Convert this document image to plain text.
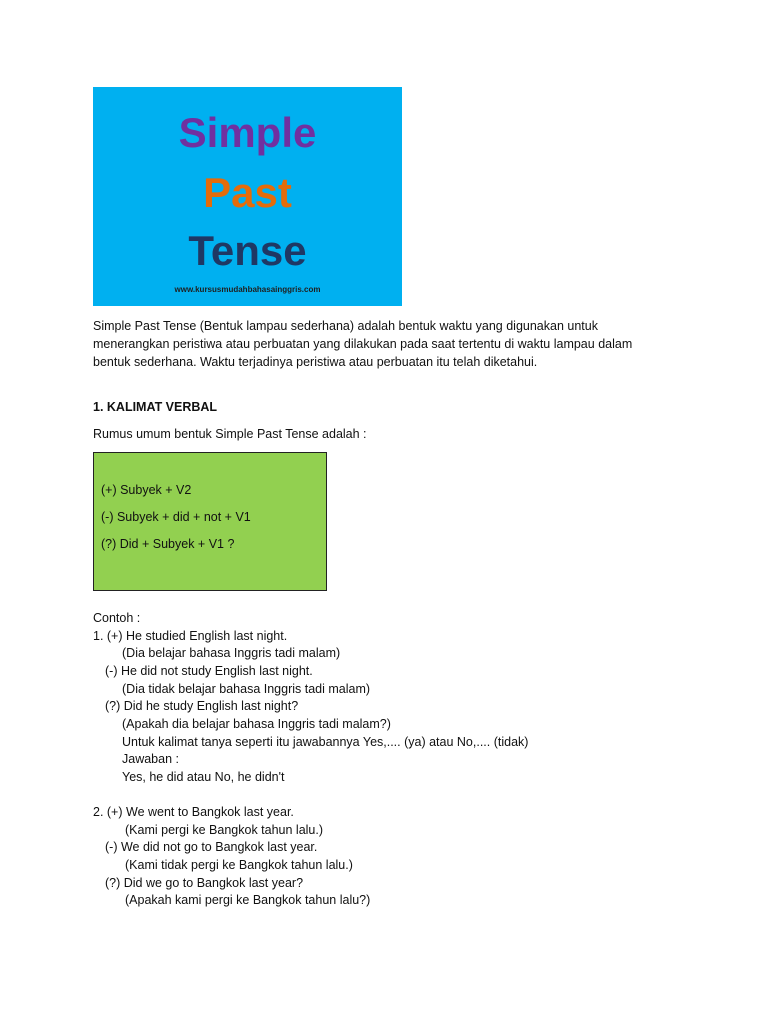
Simple
Past
Tense
www.kursusmudahbahasainggris.com
Simple Past Tense (Bentuk lampau sederhana) adalah bentuk waktu yang digunakan untuk
menerangkan peristiwa atau perbuatan yang dilakukan pada saat tertentu di waktu lampau dalam
bentuk sederhana. Waktu terjadinya peristiwa atau perbuatan itu telah diketahui.
1. KALIMAT VERBAL
Rumus umum bentuk Simple Past Tense adalah :
(+) Subyek + V2
(-) Subyek + did + not + V1
(?) Did + Subyek + V1 ?
Contoh :
1. (+) He studied English last night.
(Dia belajar bahasa Inggris tadi malam)
(-) He did not study English last night.
(Dia tidak belajar bahasa Inggris tadi malam)
(?) Did he study English last night?
(Apakah dia belajar bahasa Inggris tadi malam?)
Untuk kalimat tanya seperti itu jawabannya Yes,.... (ya) atau No,.... (tidak)
Jawaban :
Yes, he did atau No, he didn't
2. (+) We went to Bangkok last year.
(Kami pergi ke Bangkok tahun lalu.)
(-) We did not go to Bangkok last year.
(Kami tidak pergi ke Bangkok tahun lalu.)
(?) Did we go to Bangkok last year?
(Apakah kami pergi ke Bangkok tahun lalu?)
